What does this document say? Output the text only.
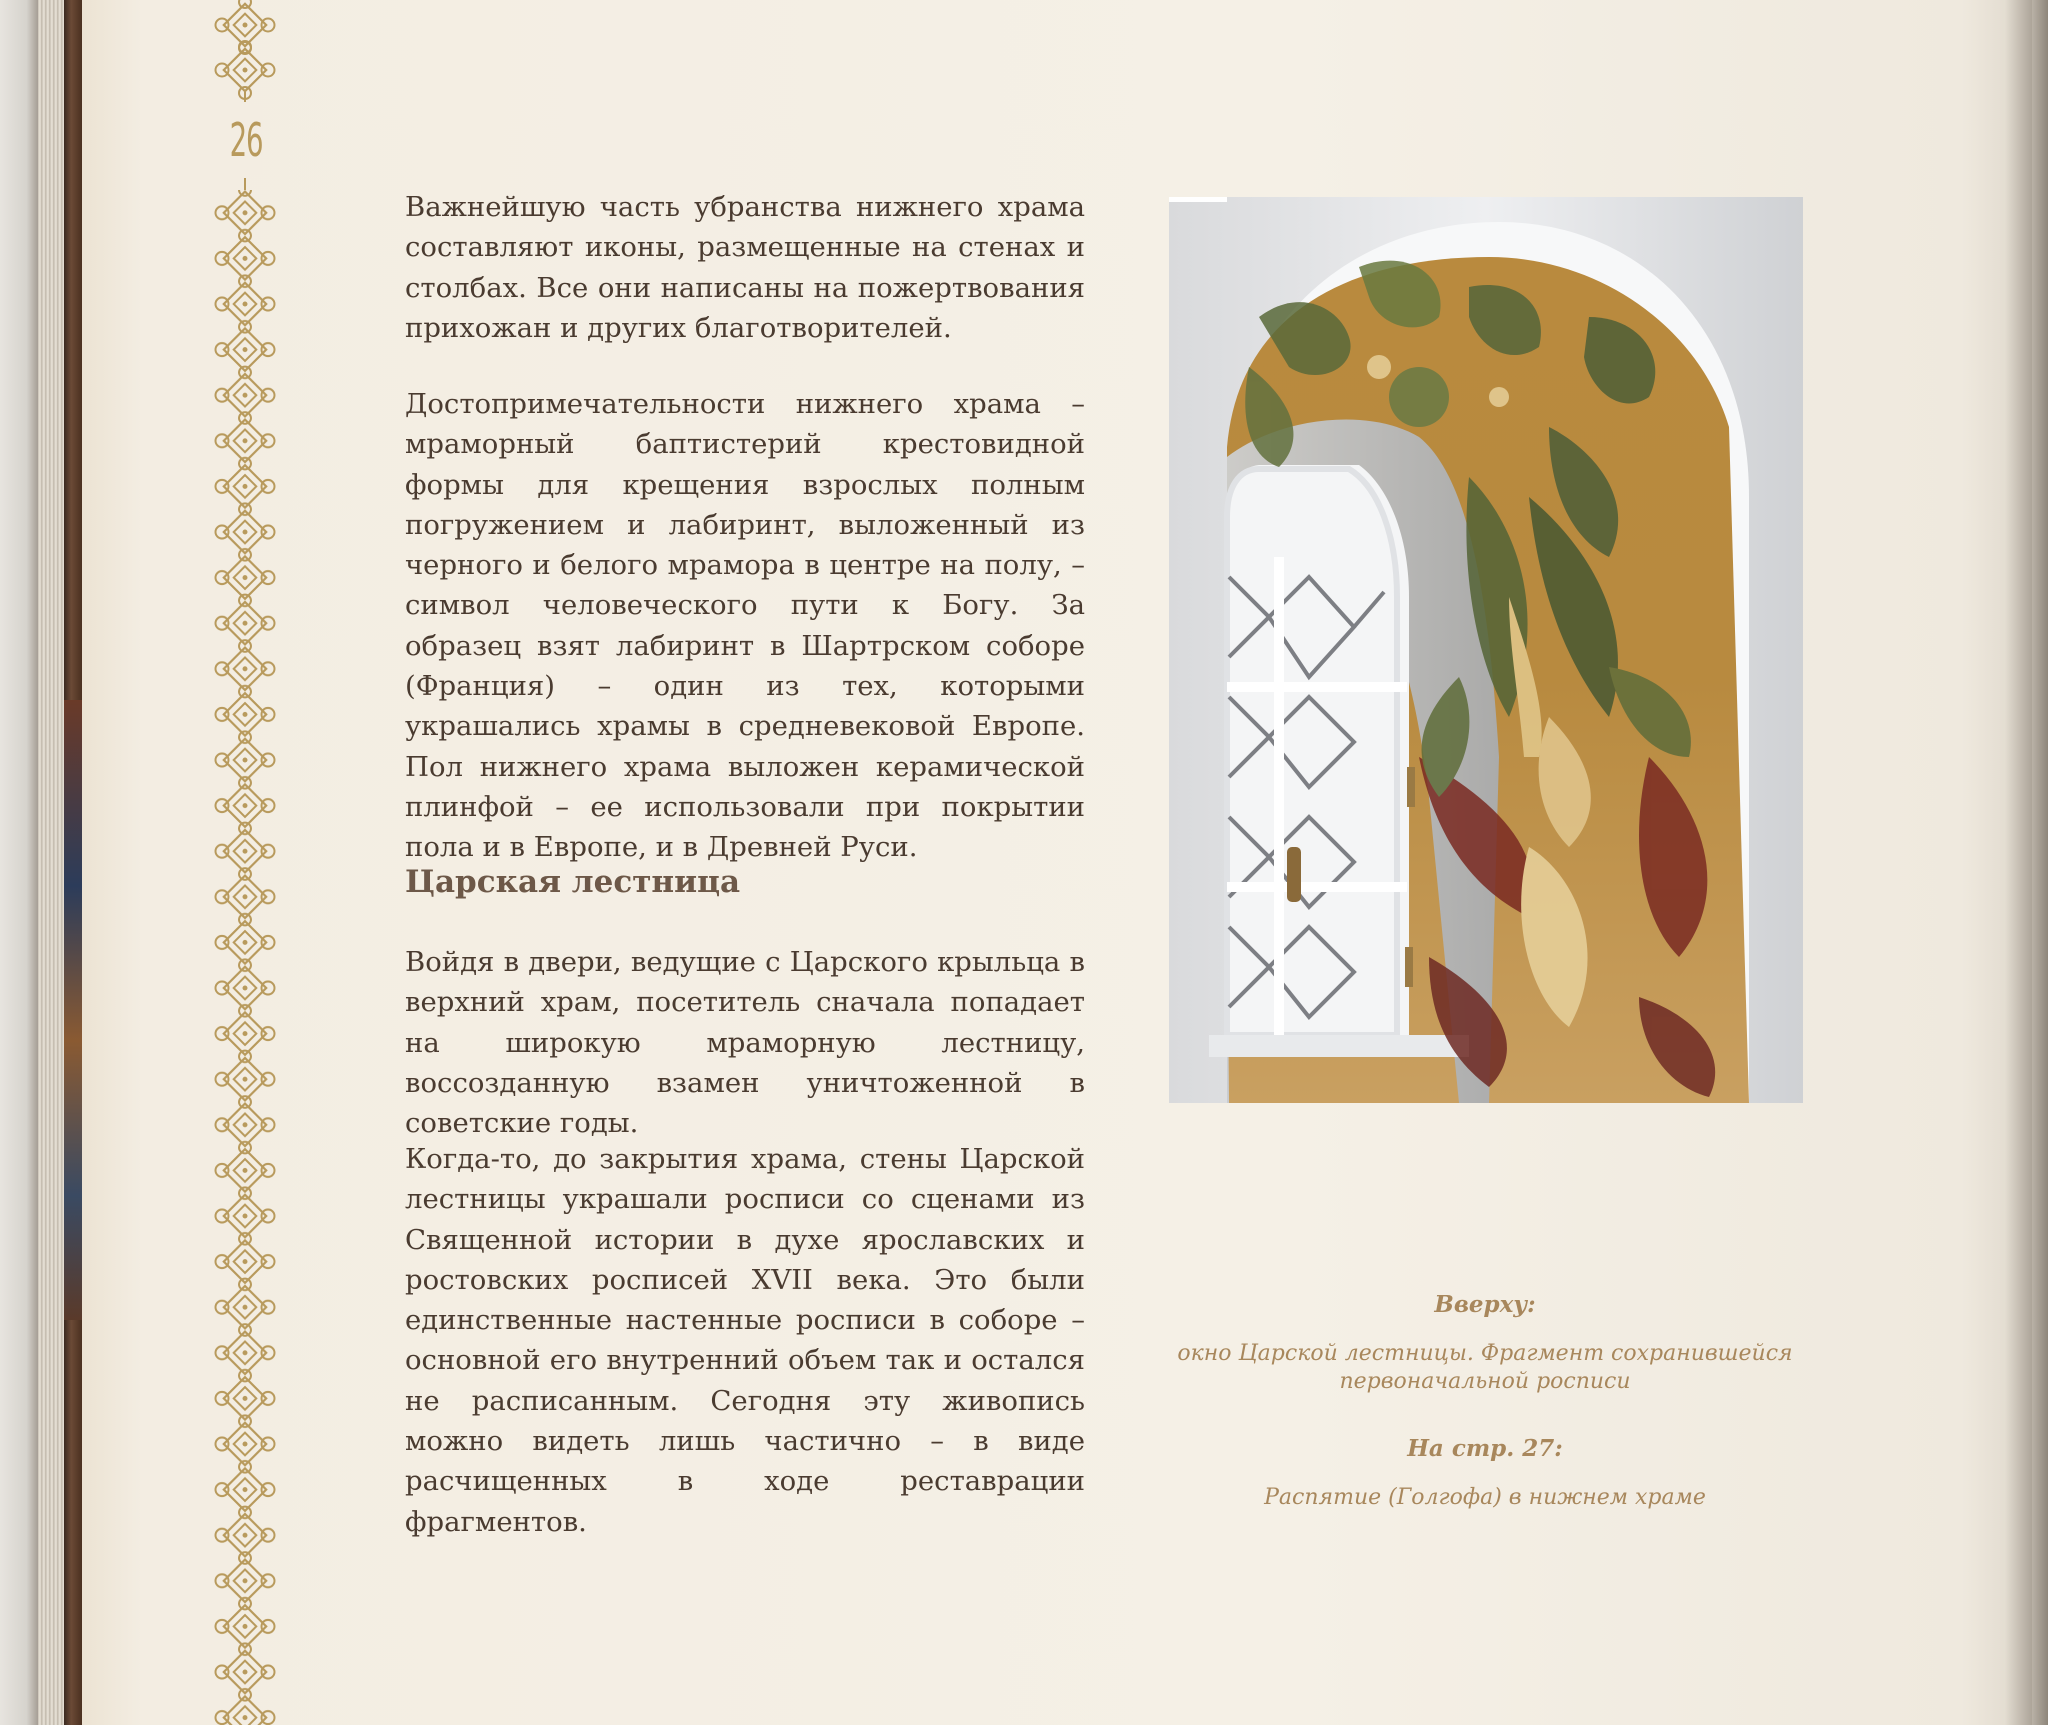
26

Важнейшую часть убранства нижнего храма составляют иконы, размещенные на стенах и столбах. Все они написаны на пожертвования прихожан и других благотворителей.

Достопримечательности нижнего храма – мраморный баптистерий крестовидной формы для крещения взрослых полным погружением и лабиринт, выложенный из черного и белого мрамора в центре на полу, – символ человеческого пути к Богу. За образец взят лабиринт в Шартрском соборе (Франция) – один из тех, которыми украшались храмы в средневековой Европе. Пол нижнего храма выложен керамической плинфой – ее использовали при покрытии пола и в Европе, и в Древней Руси.

Царская лестница

Войдя в двери, ведущие с Царского крыльца в верхний храм, посетитель сначала попадает на широкую мраморную лестницу, воссозданную взамен уничтоженной в советские годы.

Когда-то, до закрытия храма, стены Царской лестницы украшали росписи со сценами из Священной истории в духе ярославских и ростовских росписей XVII века. Это были единственные настенные росписи в соборе – основной его внутренний объем так и остался не расписанным. Сегодня эту живопись можно видеть лишь частично – в виде расчищенных в ходе реставрации фрагментов.

Вверху:
окно Царской лестницы. Фрагмент сохранившейся первоначальной росписи
На стр. 27:
Распятие (Голгофа) в нижнем храме
